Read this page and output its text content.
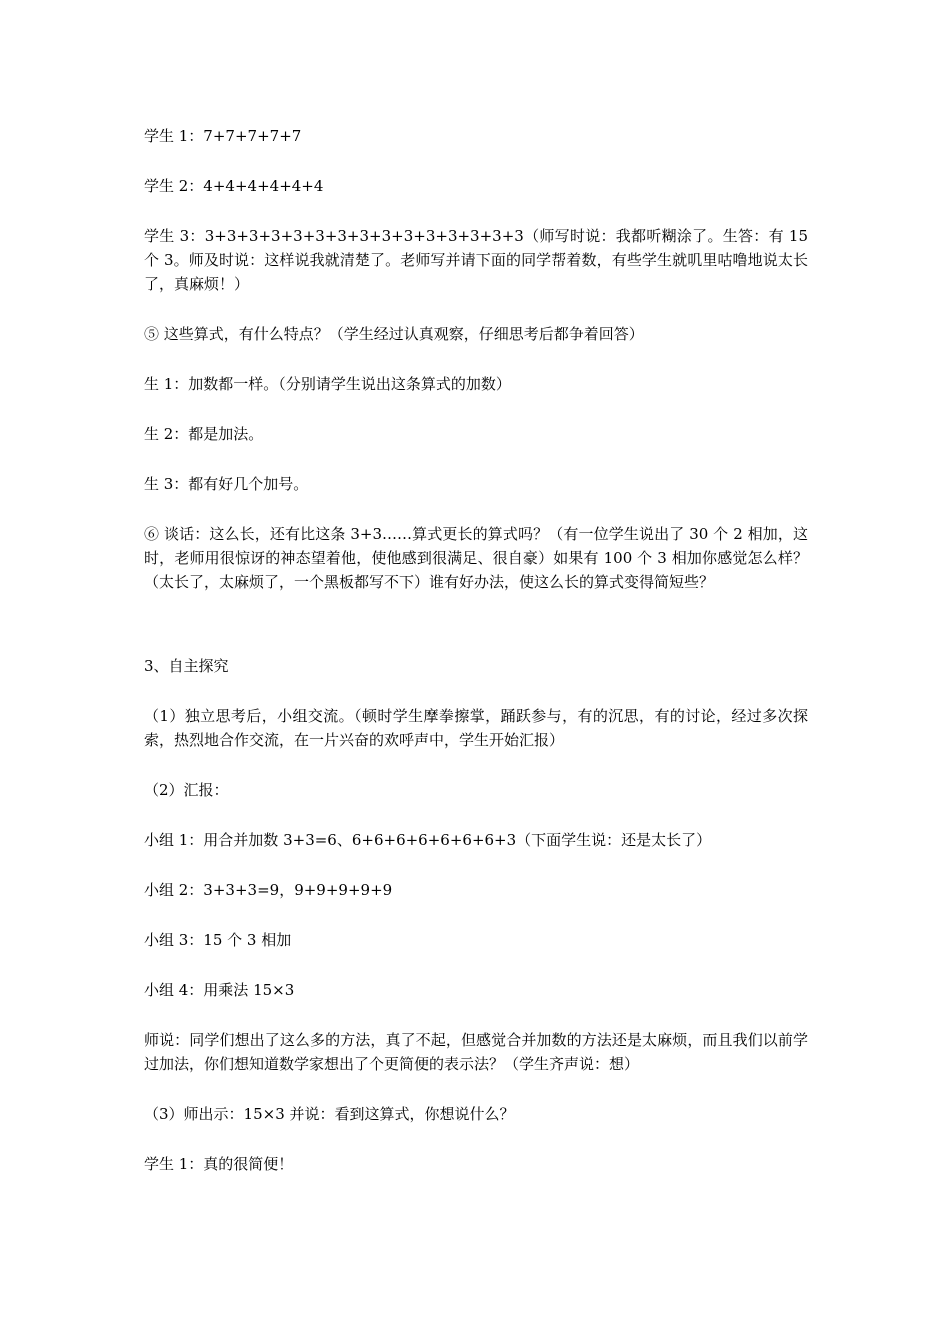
学生 1：7+7+7+7+7

学生 2：4+4+4+4+4+4

学生 3：3+3+3+3+3+3+3+3+3+3+3+3+3+3+3（师写时说：我都听糊涂了。生答：有 15 个 3。师及时说：这样说我就清楚了。老师写并请下面的同学帮着数，有些学生就叽里咕噜地说太长了，真麻烦！）

⑤ 这些算式，有什么特点？（学生经过认真观察，仔细思考后都争着回答）

生 1：加数都一样。（分别请学生说出这条算式的加数）

生 2：都是加法。

生 3：都有好几个加号。

⑥ 谈话：这么长，还有比这条 3+3……算式更长的算式吗？（有一位学生说出了 30 个 2 相加，这时，老师用很惊讶的神态望着他，使他感到很满足、很自豪）如果有 100 个 3 相加你感觉怎么样？（太长了，太麻烦了，一个黑板都写不下）谁有好办法，使这么长的算式变得简短些？

3、自主探究

（1）独立思考后，小组交流。（顿时学生摩拳擦掌，踊跃参与，有的沉思，有的讨论，经过多次探索，热烈地合作交流，在一片兴奋的欢呼声中，学生开始汇报）

（2）汇报：

小组 1：用合并加数 3+3=6、6+6+6+6+6+6+6+3（下面学生说：还是太长了）

小组 2：3+3+3=9，9+9+9+9+9

小组 3：15 个 3 相加

小组 4：用乘法 15×3

师说：同学们想出了这么多的方法，真了不起，但感觉合并加数的方法还是太麻烦，而且我们以前学过加法，你们想知道数学家想出了个更简便的表示法？（学生齐声说：想）

（3）师出示：15×3 并说：看到这算式，你想说什么？

学生 1：真的很简便！
